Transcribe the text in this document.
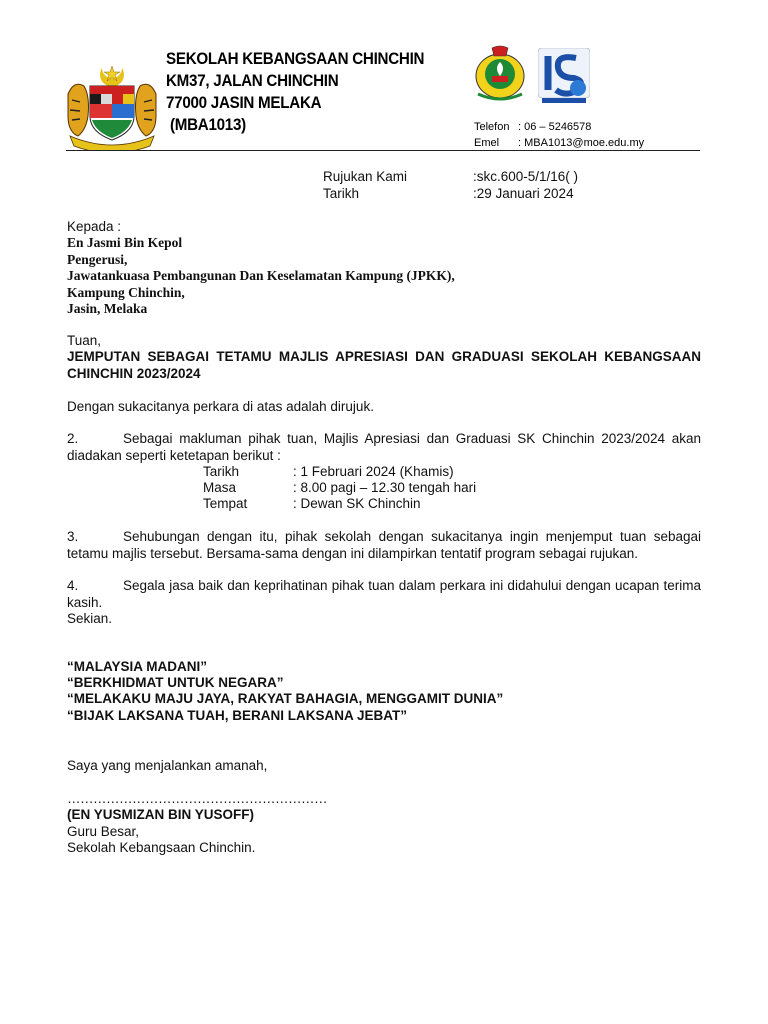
SEKOLAH KEBANGSAAN CHINCHIN
KM37, JALAN CHINCHIN
77000 JASIN MELAKA
(MBA1013)	Telefon : 06 – 5246578
Emel : MBA1013@moe.edu.my
Rujukan Kami	:skc.600-5/1/16( )
Tarikh	:29 Januari 2024
Kepada :
En Jasmi Bin Kepol
Pengerusi,
Jawatankuasa Pembangunan Dan Keselamatan Kampung (JPKK),
Kampung Chinchin,
Jasin, Melaka
Tuan,
JEMPUTAN SEBAGAI TETAMU MAJLIS APRESIASI DAN GRADUASI SEKOLAH KEBANGSAAN CHINCHIN 2023/2024
Dengan sukacitanya perkara di atas adalah dirujuk.
2.	Sebagai makluman pihak tuan, Majlis Apresiasi dan Graduasi SK Chinchin 2023/2024 akan diadakan seperti ketetapan berikut :
Tarikh	: 1 Februari 2024 (Khamis)
Masa	: 8.00 pagi – 12.30 tengah hari
Tempat	: Dewan SK Chinchin
3.	Sehubungan dengan itu, pihak sekolah dengan sukacitanya ingin menjemput tuan sebagai tetamu majlis tersebut. Bersama-sama dengan ini dilampirkan tentatif program sebagai rujukan.
4.	Segala jasa baik dan keprihatinan pihak tuan dalam perkara ini didahului dengan ucapan terima kasih.
Sekian.
“MALAYSIA MADANI”
“BERKHIDMAT UNTUK NEGARA”
“MELAKAKU MAJU JAYA, RAKYAT BAHAGIA, MENGGAMIT DUNIA”
“BIJAK LAKSANA TUAH, BERANI LAKSANA JEBAT”
Saya yang menjalankan amanah,
……………………………………………………
(EN YUSMIZAN BIN YUSOFF)
Guru Besar,
Sekolah Kebangsaan Chinchin.
